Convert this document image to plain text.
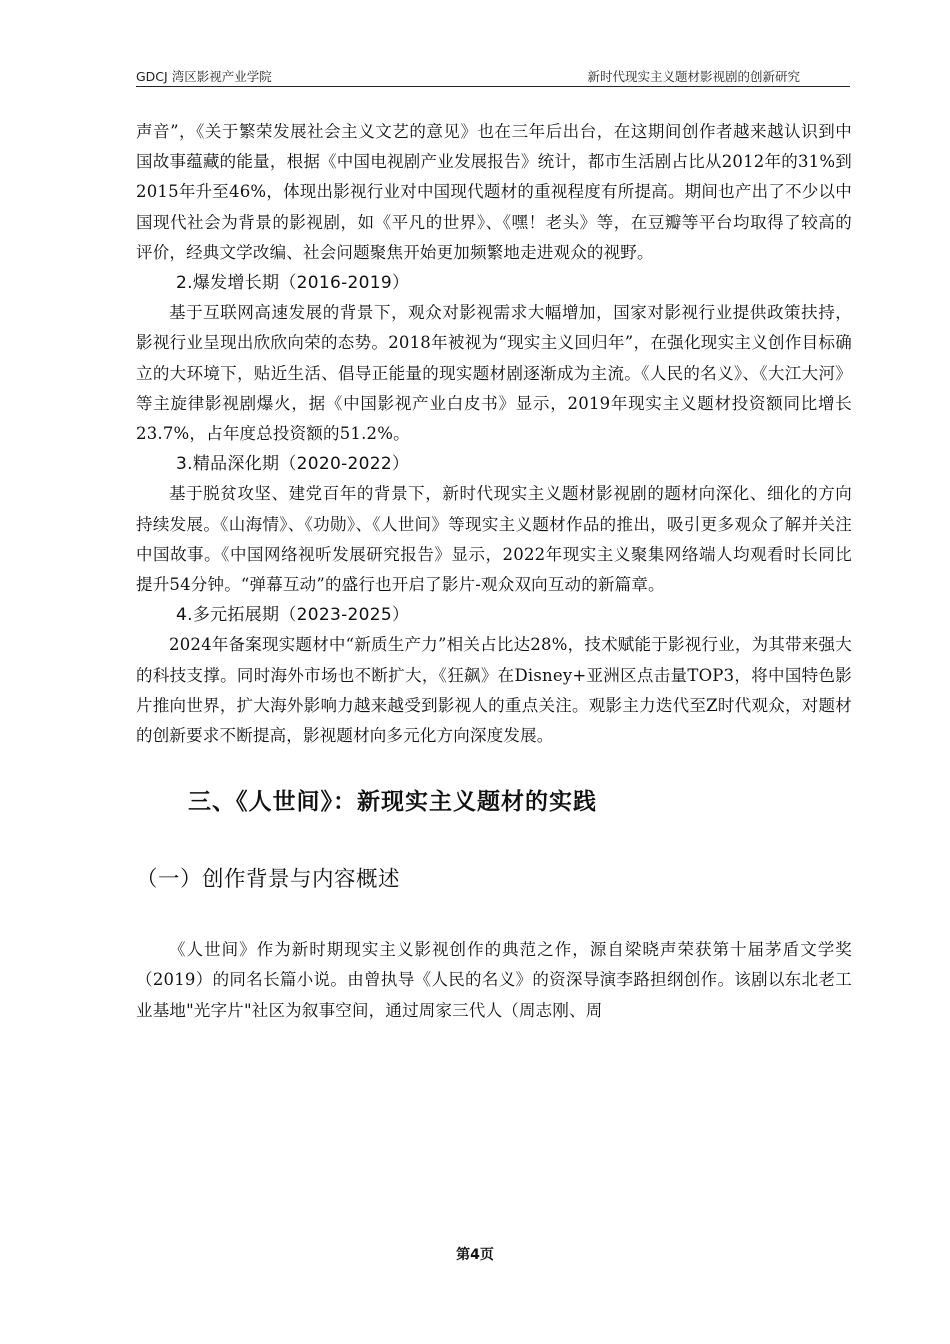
GDCJ 湾区影视产业学院	新时代现实主义题材影视剧的创新研究

声音”，《关于繁荣发展社会主义文艺的意见》也在三年后出台，在这期间创作者越来越认识到中国故事蕴藏的能量，根据《中国电视剧产业发展报告》统计，都市生活剧占比从2012年的31%到2015年升至46%，体现出影视行业对中国现代题材的重视程度有所提高。期间也产出了不少以中国现代社会为背景的影视剧，如《平凡的世界》、《嘿！老头》等，在豆瓣等平台均取得了较高的评价，经典文学改编、社会问题聚焦开始更加频繁地走进观众的视野。

2.爆发增长期（2016-2019）

基于互联网高速发展的背景下，观众对影视需求大幅增加，国家对影视行业提供政策扶持，影视行业呈现出欣欣向荣的态势。2018年被视为“现实主义回归年”，在强化现实主义创作目标确立的大环境下，贴近生活、倡导正能量的现实题材剧逐渐成为主流。《人民的名义》、《大江大河》等主旋律影视剧爆火，据《中国影视产业白皮书》显示，2019年现实主义题材投资额同比增长23.7%，占年度总投资额的51.2%。

3.精品深化期（2020-2022）

基于脱贫攻坚、建党百年的背景下，新时代现实主义题材影视剧的题材向深化、细化的方向持续发展。《山海情》、《功勋》、《人世间》等现实主义题材作品的推出，吸引更多观众了解并关注中国故事。《中国网络视听发展研究报告》显示，2022年现实主义聚集网络端人均观看时长同比提升54分钟。“弹幕互动”的盛行也开启了影片-观众双向互动的新篇章。

4.多元拓展期（2023-2025）

2024年备案现实题材中“新质生产力”相关占比达28%，技术赋能于影视行业，为其带来强大的科技支撑。同时海外市场也不断扩大，《狂飙》在Disney+亚洲区点击量TOP3，将中国特色影片推向世界，扩大海外影响力越来越受到影视人的重点关注。观影主力迭代至Z时代观众，对题材的创新要求不断提高，影视题材向多元化方向深度发展。

三、《人世间》：新现实主义题材的实践

（一）创作背景与内容概述

《人世间》作为新时期现实主义影视创作的典范之作，源自梁晓声荣获第十届茅盾文学奖（2019）的同名长篇小说。由曾执导《人民的名义》的资深导演李路担纲创作。该剧以东北老工业基地"光字片"社区为叙事空间，通过周家三代人（周志刚、周

第4页
